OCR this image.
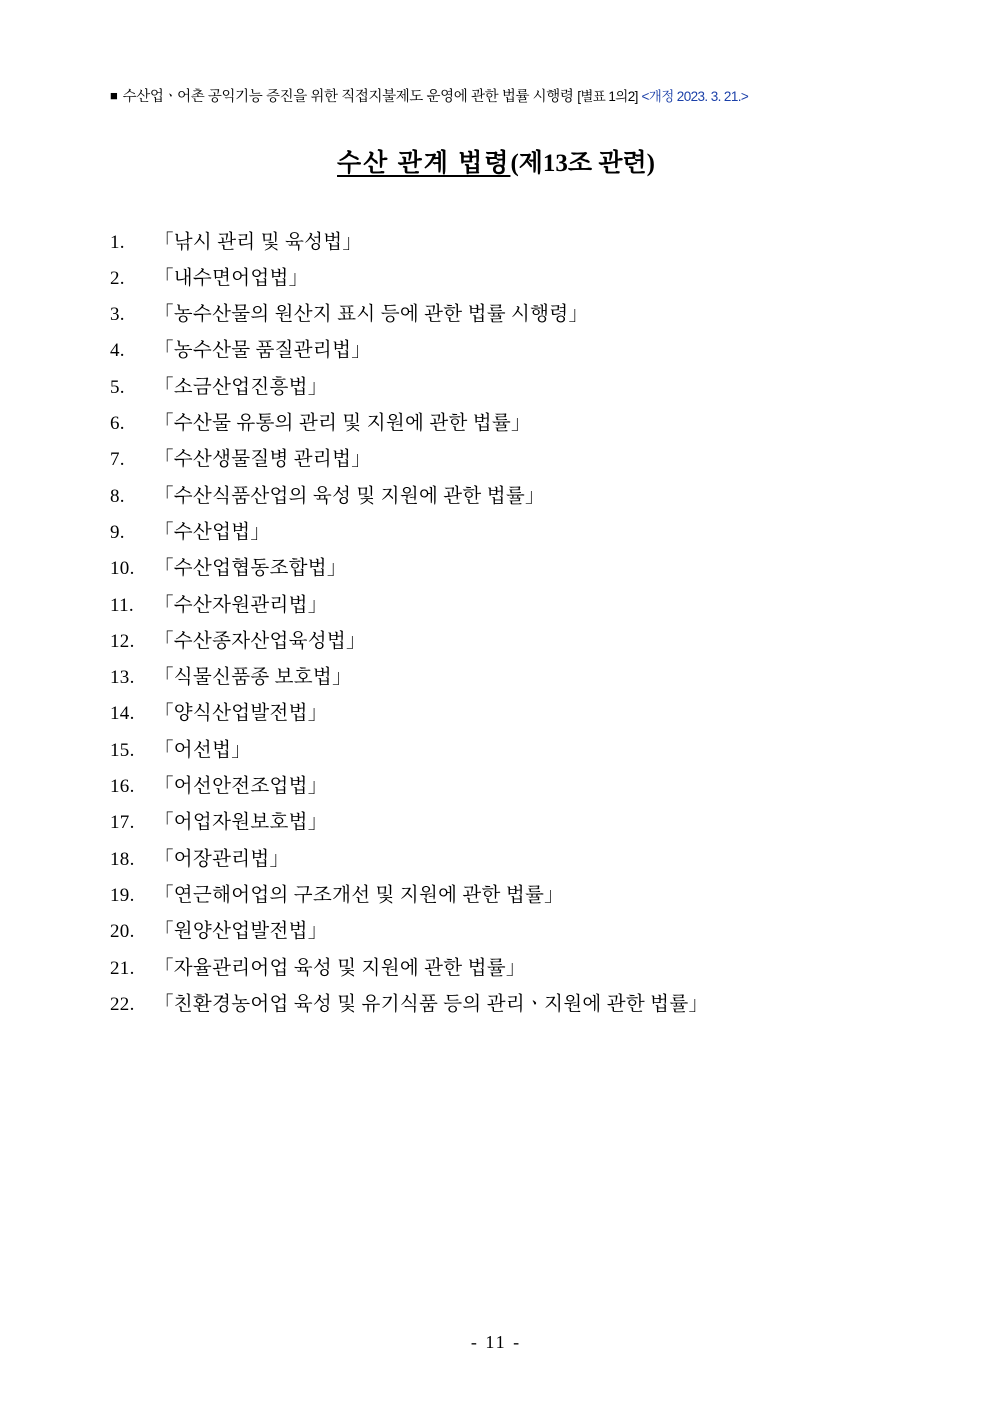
■ 수산업ㆍ어촌 공익기능 증진을 위한 직접지불제도 운영에 관한 법률 시행령 [별표 1의2] <개정 2023. 3. 21.>
수산 관계 법령(제13조 관련)
1.	「낚시 관리 및 육성법」
2.	「내수면어업법」
3.	「농수산물의 원산지 표시 등에 관한 법률 시행령」
4.	「농수산물 품질관리법」
5.	「소금산업진흥법」
6.	「수산물 유통의 관리 및 지원에 관한 법률」
7.	「수산생물질병 관리법」
8.	「수산식품산업의 육성 및 지원에 관한 법률」
9.	「수산업법」
10. 「수산업협동조합법」
11.	「수산자원관리법」
12. 「수산종자산업육성법」
13. 「식물신품종 보호법」
14. 「양식산업발전법」
15. 「어선법」
16. 「어선안전조업법」
17. 「어업자원보호법」
18. 「어장관리법」
19. 「연근해어업의 구조개선 및 지원에 관한 법률」
20. 「원양산업발전법」
21. 「자율관리어업 육성 및 지원에 관한 법률」
22. 「친환경농어업 육성 및 유기식품 등의 관리ㆍ지원에 관한 법률」
- 11 -
